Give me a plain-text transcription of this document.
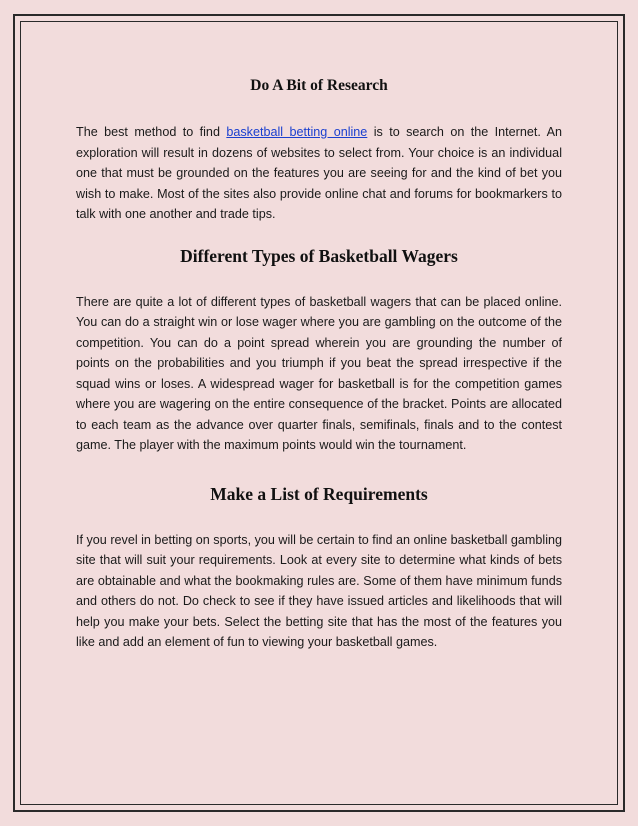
Do A Bit of Research

The best method to find basketball betting online is to search on the Internet. An exploration will result in dozens of websites to select from. Your choice is an individual one that must be grounded on the features you are seeing for and the kind of bet you wish to make. Most of the sites also provide online chat and forums for bookmarkers to talk with one another and trade tips.

Different Types of Basketball Wagers

There are quite a lot of different types of basketball wagers that can be placed online. You can do a straight win or lose wager where you are gambling on the outcome of the competition. You can do a point spread wherein you are grounding the number of points on the probabilities and you triumph if you beat the spread irrespective if the squad wins or loses. A widespread wager for basketball is for the competition games where you are wagering on the entire consequence of the bracket. Points are allocated to each team as the advance over quarter finals, semifinals, finals and to the contest game. The player with the maximum points would win the tournament.

Make a List of Requirements

If you revel in betting on sports, you will be certain to find an online basketball gambling site that will suit your requirements. Look at every site to determine what kinds of bets are obtainable and what the bookmaking rules are. Some of them have minimum funds and others do not. Do check to see if they have issued articles and likelihoods that will help you make your bets. Select the betting site that has the most of the features you like and add an element of fun to viewing your basketball games.
